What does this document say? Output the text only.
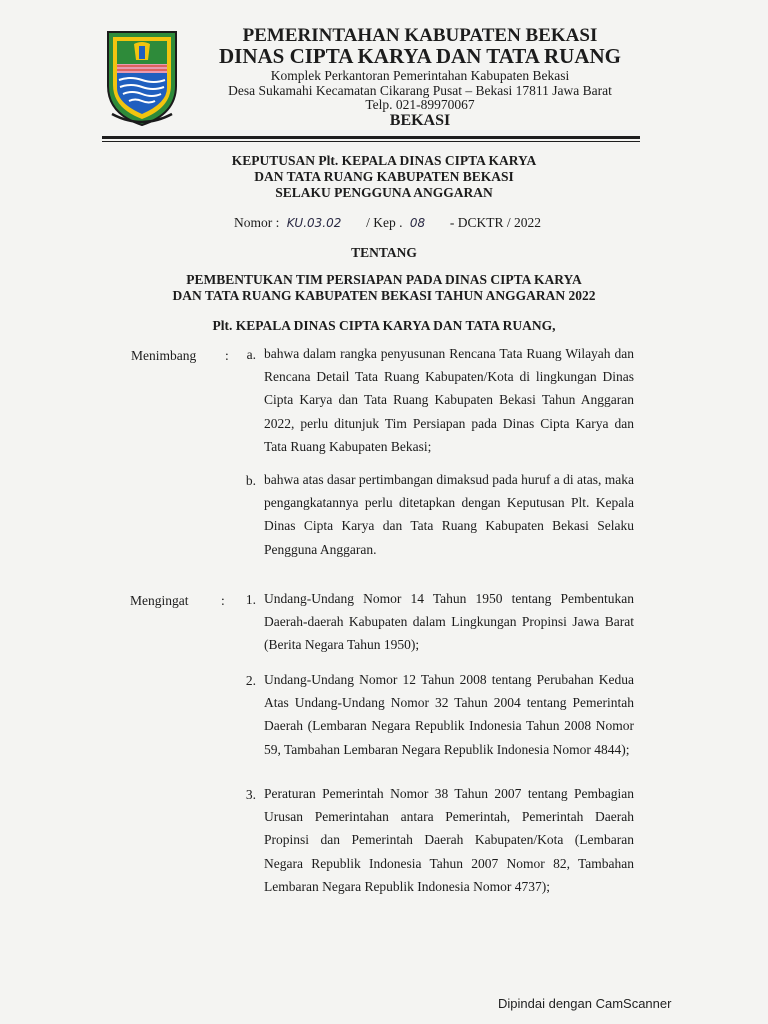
PEMERINTAHAN KABUPATEN BEKASI
DINAS CIPTA KARYA DAN TATA RUANG
Komplek Perkantoran Pemerintahan Kabupaten Bekasi
Desa Sukamahi Kecamatan Cikarang Pusat – Bekasi 17811 Jawa Barat
Telp. 021-89970067
BEKASI
KEPUTUSAN Plt. KEPALA DINAS CIPTA KARYA
DAN TATA RUANG KABUPATEN BEKASI
SELAKU PENGGUNA ANGGARAN
Nomor : KU.03.02 / Kep . 08 - DCKTR / 2022
TENTANG
PEMBENTUKAN TIM PERSIAPAN PADA DINAS CIPTA KARYA
DAN TATA RUANG KABUPATEN BEKASI TAHUN ANGGARAN 2022
Plt. KEPALA DINAS CIPTA KARYA DAN TATA RUANG,
Menimbang :	a. bahwa dalam rangka penyusunan Rencana Tata Ruang Wilayah dan Rencana Detail Tata Ruang Kabupaten/Kota di lingkungan Dinas Cipta Karya dan Tata Ruang Kabupaten Bekasi Tahun Anggaran 2022, perlu ditunjuk Tim Persiapan pada Dinas Cipta Karya dan Tata Ruang Kabupaten Bekasi;
b. bahwa atas dasar pertimbangan dimaksud pada huruf a di atas, maka pengangkatannya perlu ditetapkan dengan Keputusan Plt. Kepala Dinas Cipta Karya dan Tata Ruang Kabupaten Bekasi Selaku Pengguna Anggaran.
Mengingat :	1. Undang-Undang Nomor 14 Tahun 1950 tentang Pembentukan Daerah-daerah Kabupaten dalam Lingkungan Propinsi Jawa Barat (Berita Negara Tahun 1950);
2. Undang-Undang Nomor 12 Tahun 2008 tentang Perubahan Kedua Atas Undang-Undang Nomor 32 Tahun 2004 tentang Pemerintah Daerah (Lembaran Negara Republik Indonesia Tahun 2008 Nomor 59, Tambahan Lembaran Negara Republik Indonesia Nomor 4844);
3. Peraturan Pemerintah Nomor 38 Tahun 2007 tentang Pembagian Urusan Pemerintahan antara Pemerintah, Pemerintah Daerah Propinsi dan Pemerintah Daerah Kabupaten/Kota (Lembaran Negara Republik Indonesia Tahun 2007 Nomor 82, Tambahan Lembaran Negara Republik Indonesia Nomor 4737);
Dipindai dengan CamScanner
